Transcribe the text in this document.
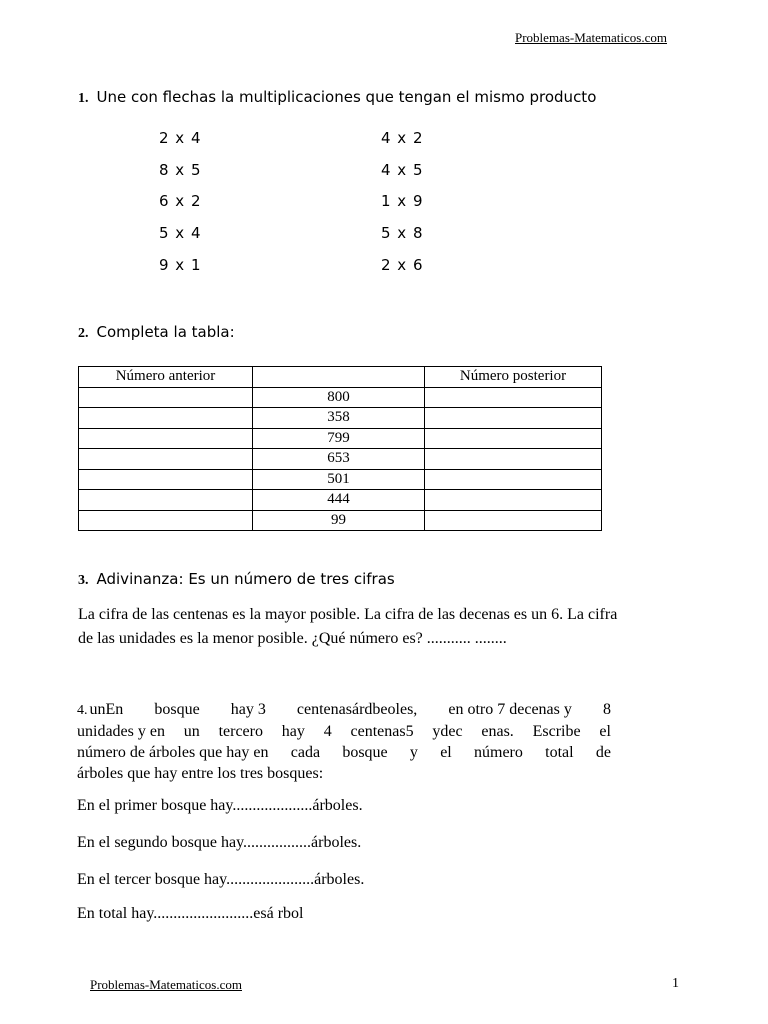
Problemas-Matematicos.com
1. Une con flechas la multiplicaciones que tengan el mismo producto
2 x 4
8 x 5
6 x 2
5 x 4
9 x 1
4 x 2
4 x 5
1 x 9
5 x 8
2 x 6
2. Completa la tabla:
Número anterior		Número posterior
	800	
	358	
	799	
	653	
	501	
	444	
	99	
3. Adivinanza: Es un número de tres cifras
La cifra de las centenas es la mayor posible. La cifra de las decenas es un 6. La cifra
de las unidades es la menor posible. ¿Qué número es? ........... ........
4. unEn bosque hay 3 centenasárdbeoles, en otro 7 decenas y 8
unidades y en un tercero hay 4 centenas5 ydec enas. Escribe el
número de árboles que hay en cada bosque y el número total de
árboles que hay entre los tres bosques:
En el primer bosque hay....................árboles.
En el segundo bosque hay.................árboles.
En el tercer bosque hay......................árboles.
En total hay.........................esá rbol
Problemas-Matematicos.com	1
